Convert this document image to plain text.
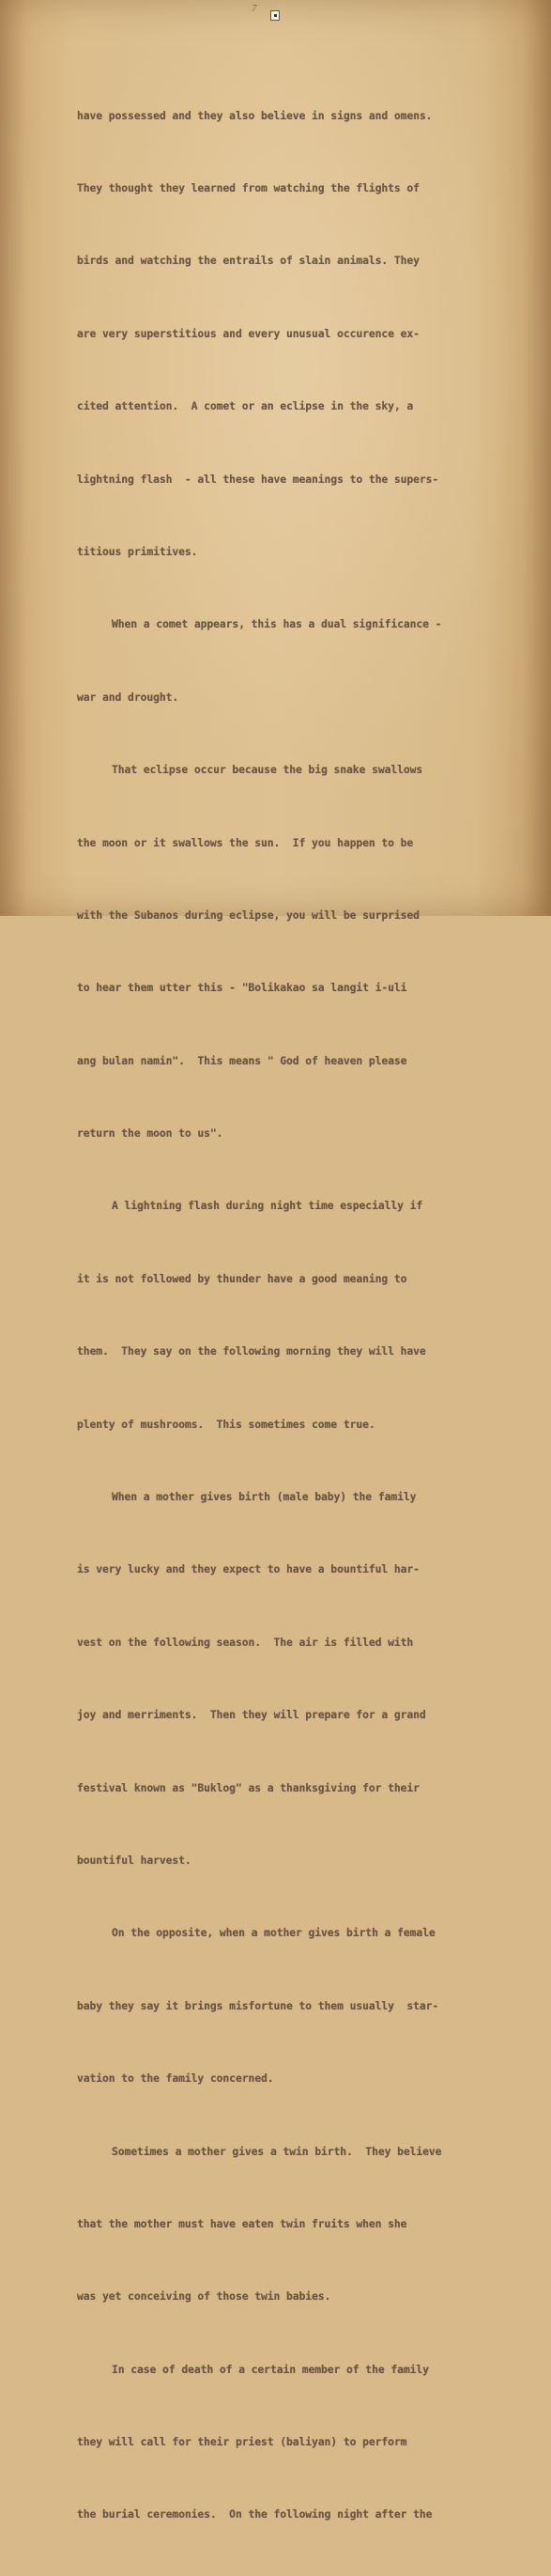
7

have possessed and they also believe in signs and omens.

They thought they learned from watching the flights of

birds and watching the entrails of slain animals. They

are very superstitious and every unusual occurence ex-

cited attention.  A comet or an eclipse in the sky, a

lightning flash  - all these have meanings to the supers-

titious primitives.

When a comet appears, this has a dual significance -

war and drought.

That eclipse occur because the big snake swallows

the moon or it swallows the sun.  If you happen to be

with the Subanos during eclipse, you will be surprised

to hear them utter this - "Bolikakao sa langit i-uli

ang bulan namin".  This means " God of heaven please

return the moon to us".

A lightning flash during night time especially if

it is not followed by thunder have a good meaning to

them.  They say on the following morning they will have

plenty of mushrooms.  This sometimes come true.

When a mother gives birth (male baby) the family

is very lucky and they expect to have a bountiful har-

vest on the following season.  The air is filled with

joy and merriments.  Then they will prepare for a grand

festival known as "Buklog" as a thanksgiving for their

bountiful harvest.

On the opposite, when a mother gives birth a female

baby they say it brings misfortune to them usually  star-

vation to the family concerned.

Sometimes a mother gives a twin birth.  They believe

that the mother must have eaten twin fruits when she

was yet conceiving of those twin babies.

In case of death of a certain member of the family

they will call for their priest (baliyan) to perform

the burial ceremonies.  On the following night after the
